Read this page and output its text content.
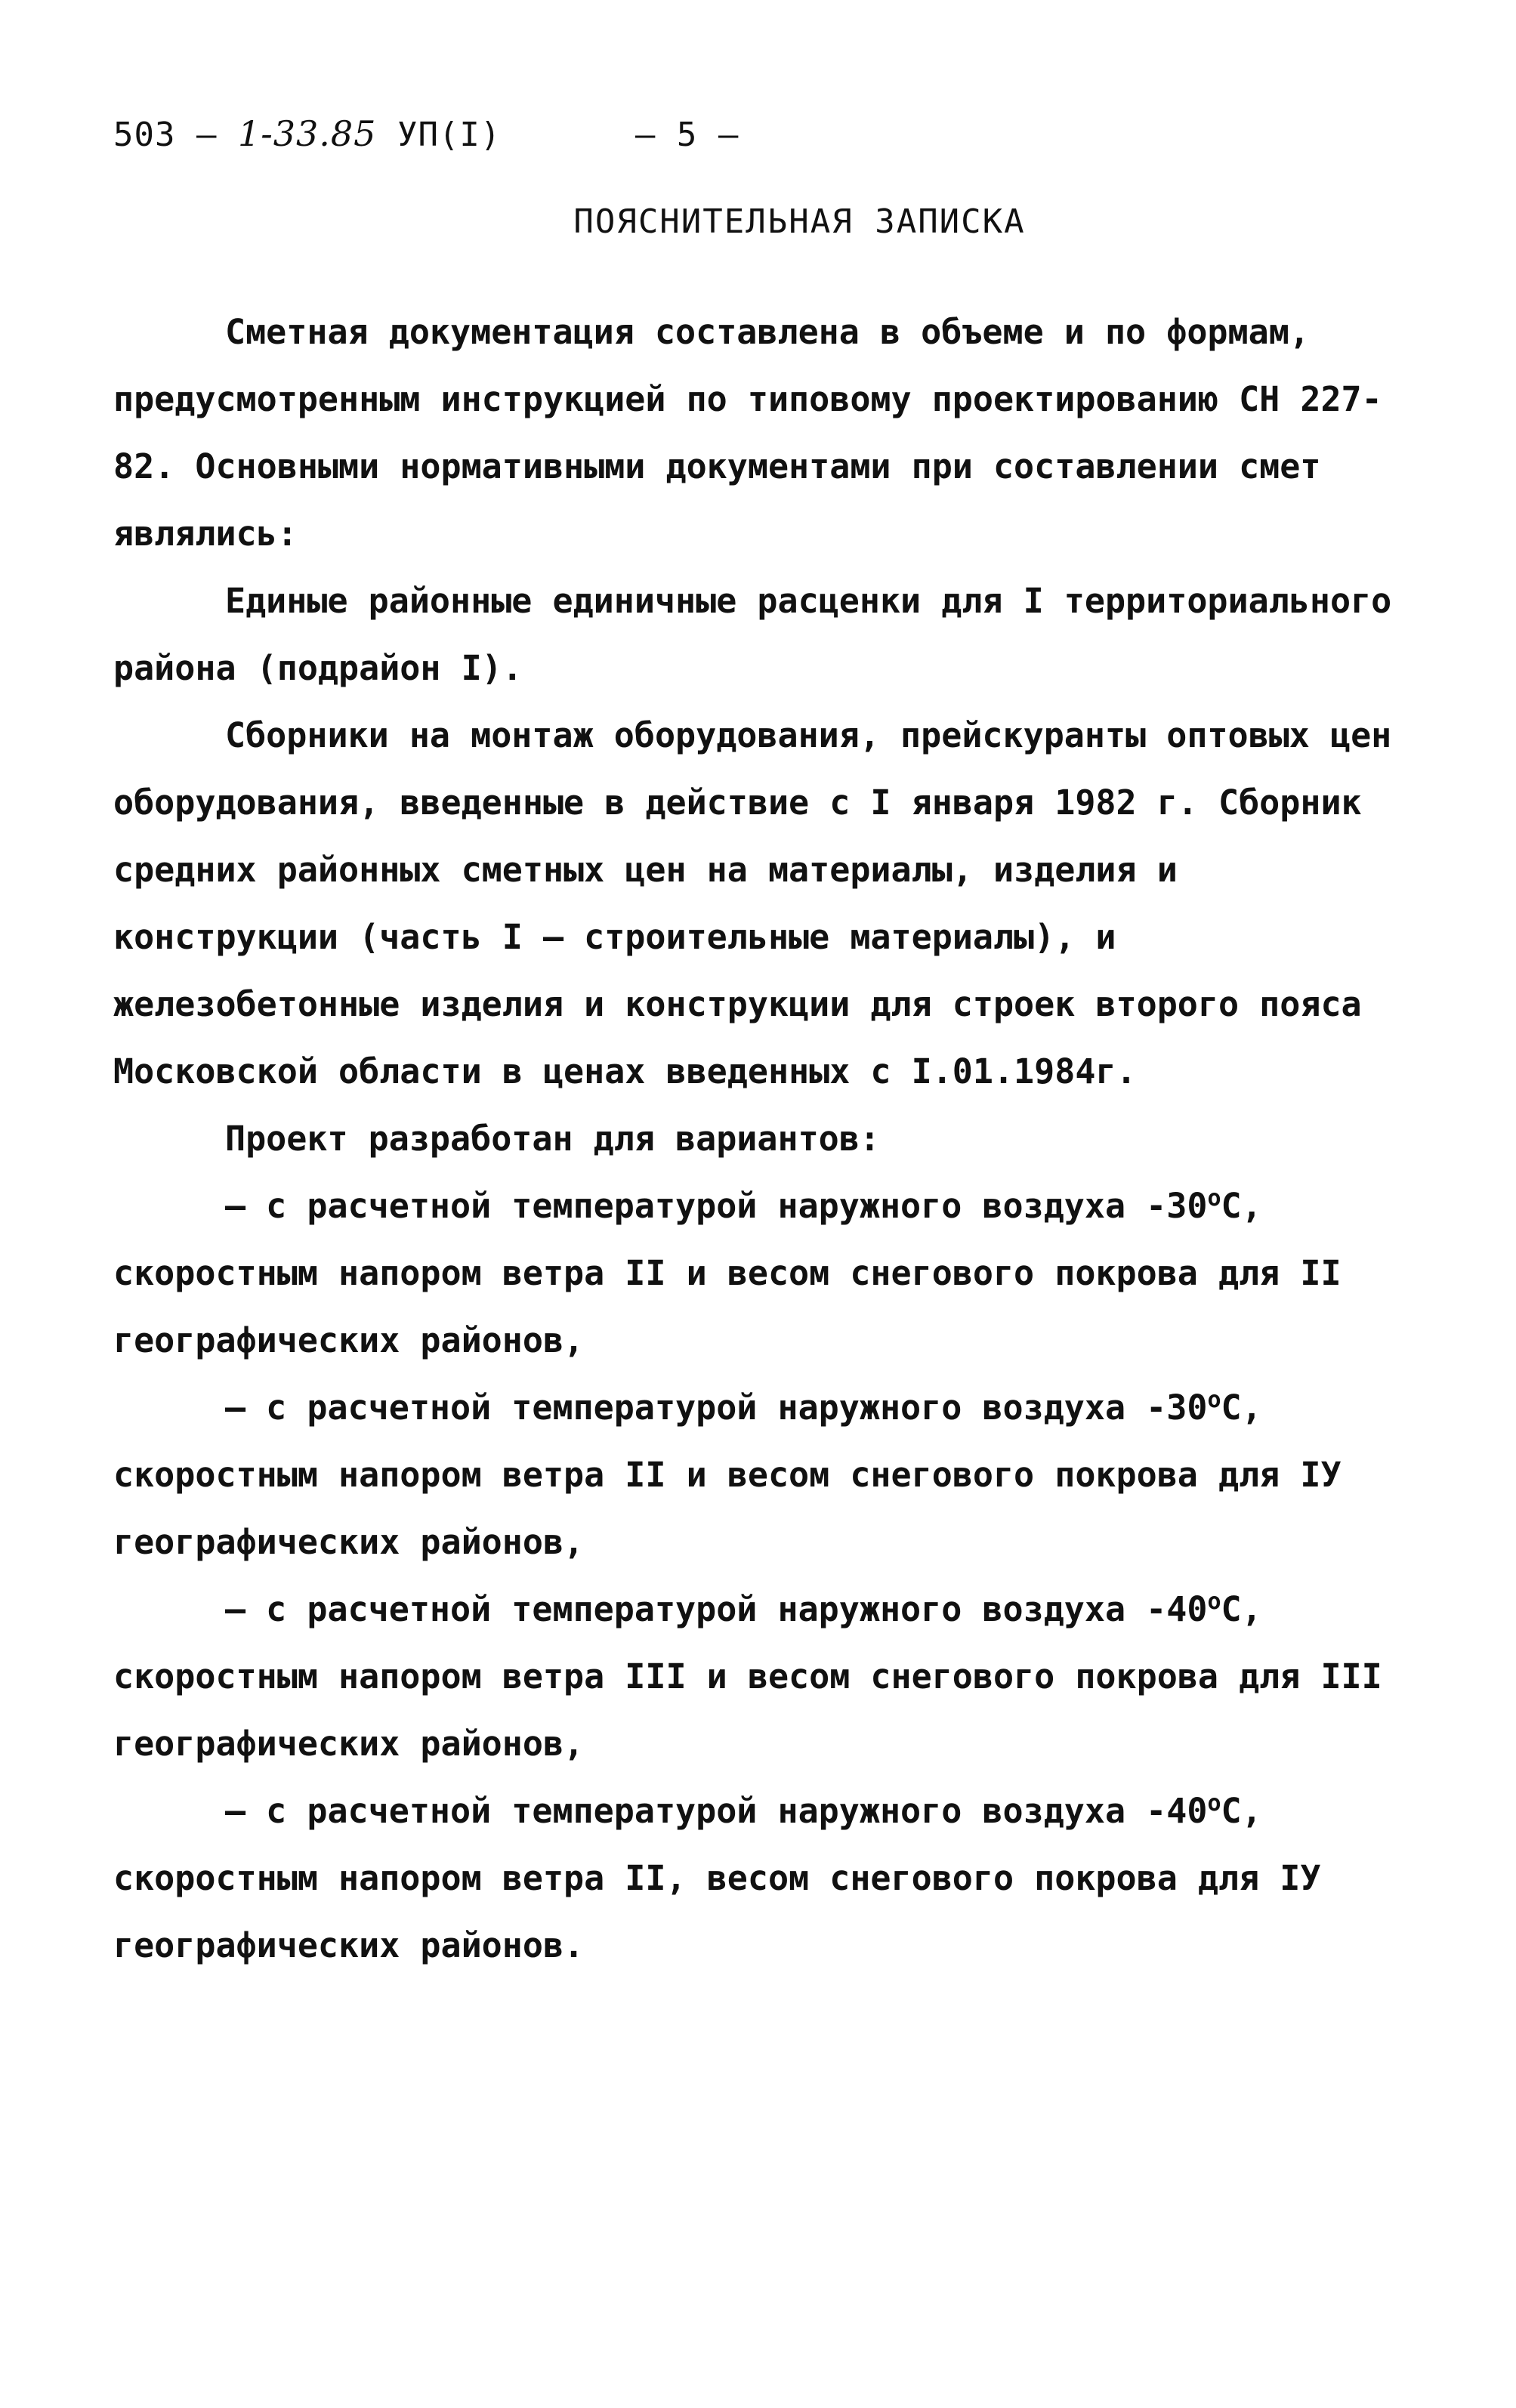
503 – 1-33.85 УП(I)	– 5 –
ПОЯСНИТЕЛЬНАЯ ЗАПИСКА

Сметная документация составлена в объеме и по формам, предусмотренным инструкцией по типовому проектированию СН 227-82. Основными нормативными документами при составлении смет являлись:

Единые районные единичные расценки для I территориального района (подрайон I).

Сборники на монтаж оборудования, прейскуранты оптовых цен оборудования, введенные в действие с I января 1982 г. Сборник средних районных сметных цен на материалы, изделия и конструкции (часть I – строительные материалы), и железобетонные изделия и конструкции для строек второго пояса Московской области в ценах введенных с I.01.1984г.

Проект разработан для вариантов:

– с расчетной температурой наружного воздуха -30$^o$С, скоростным напором ветра II и весом снегового покрова для II географических районов,

– с расчетной температурой наружного воздуха -30$^o$С, скоростным напором ветра II и весом снегового покрова для IУ географических районов,

– с расчетной температурой наружного воздуха -40$^o$С, скоростным напором ветра III и весом снегового покрова для III географических районов,

– с расчетной температурой наружного воздуха -40$^o$С, скоростным напором ветра II, весом снегового покрова для IУ географических районов.
